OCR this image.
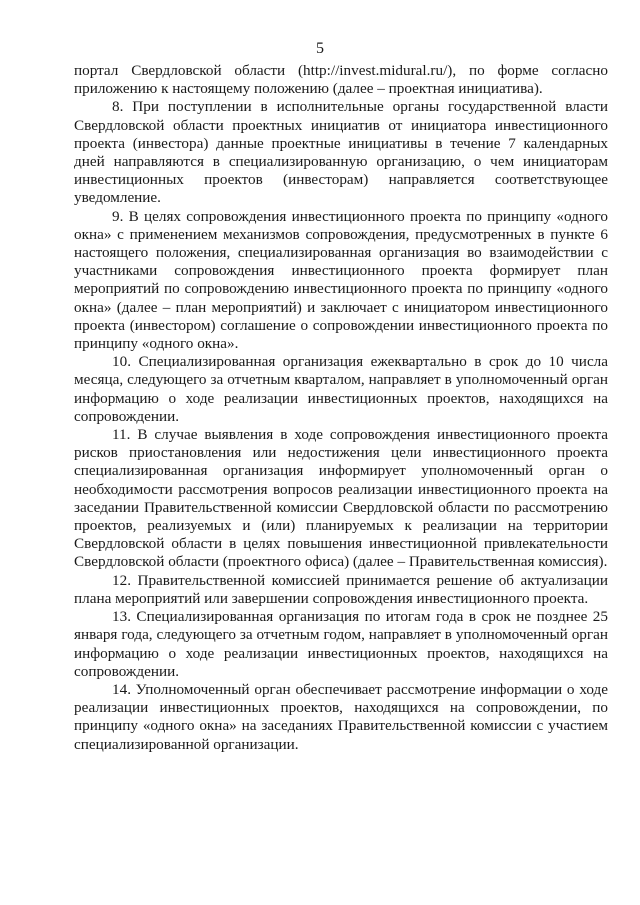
5

портал Свердловской области (http://invest.midural.ru/), по форме согласно приложению к настоящему положению (далее – проектная инициатива).

8. При поступлении в исполнительные органы государственной власти Свердловской области проектных инициатив от инициатора инвестиционного проекта (инвестора) данные проектные инициативы в течение 7 календарных дней направляются в специализированную организацию, о чем инициаторам инвестиционных проектов (инвесторам) направляется соответствующее уведомление.

9. В целях сопровождения инвестиционного проекта по принципу «одного окна» с применением механизмов сопровождения, предусмотренных в пункте 6 настоящего положения, специализированная организация во взаимодействии с участниками сопровождения инвестиционного проекта формирует план мероприятий по сопровождению инвестиционного проекта по принципу «одного окна» (далее – план мероприятий) и заключает с инициатором инвестиционного проекта (инвестором) соглашение о сопровождении инвестиционного проекта по принципу «одного окна».

10. Специализированная организация ежеквартально в срок до 10 числа месяца, следующего за отчетным кварталом, направляет в уполномоченный орган информацию о ходе реализации инвестиционных проектов, находящихся на сопровождении.

11. В случае выявления в ходе сопровождения инвестиционного проекта рисков приостановления или недостижения цели инвестиционного проекта специализированная организация информирует уполномоченный орган о необходимости рассмотрения вопросов реализации инвестиционного проекта на заседании Правительственной комиссии Свердловской области по рассмотрению проектов, реализуемых и (или) планируемых к реализации на территории Свердловской области в целях повышения инвестиционной привлекательности Свердловской области (проектного офиса) (далее – Правительственная комиссия).

12. Правительственной комиссией принимается решение об актуализации плана мероприятий или завершении сопровождения инвестиционного проекта.

13. Специализированная организация по итогам года в срок не позднее 25 января года, следующего за отчетным годом, направляет в уполномоченный орган информацию о ходе реализации инвестиционных проектов, находящихся на сопровождении.

14. Уполномоченный орган обеспечивает рассмотрение информации о ходе реализации инвестиционных проектов, находящихся на сопровождении, по принципу «одного окна» на заседаниях Правительственной комиссии с участием специализированной организации.
